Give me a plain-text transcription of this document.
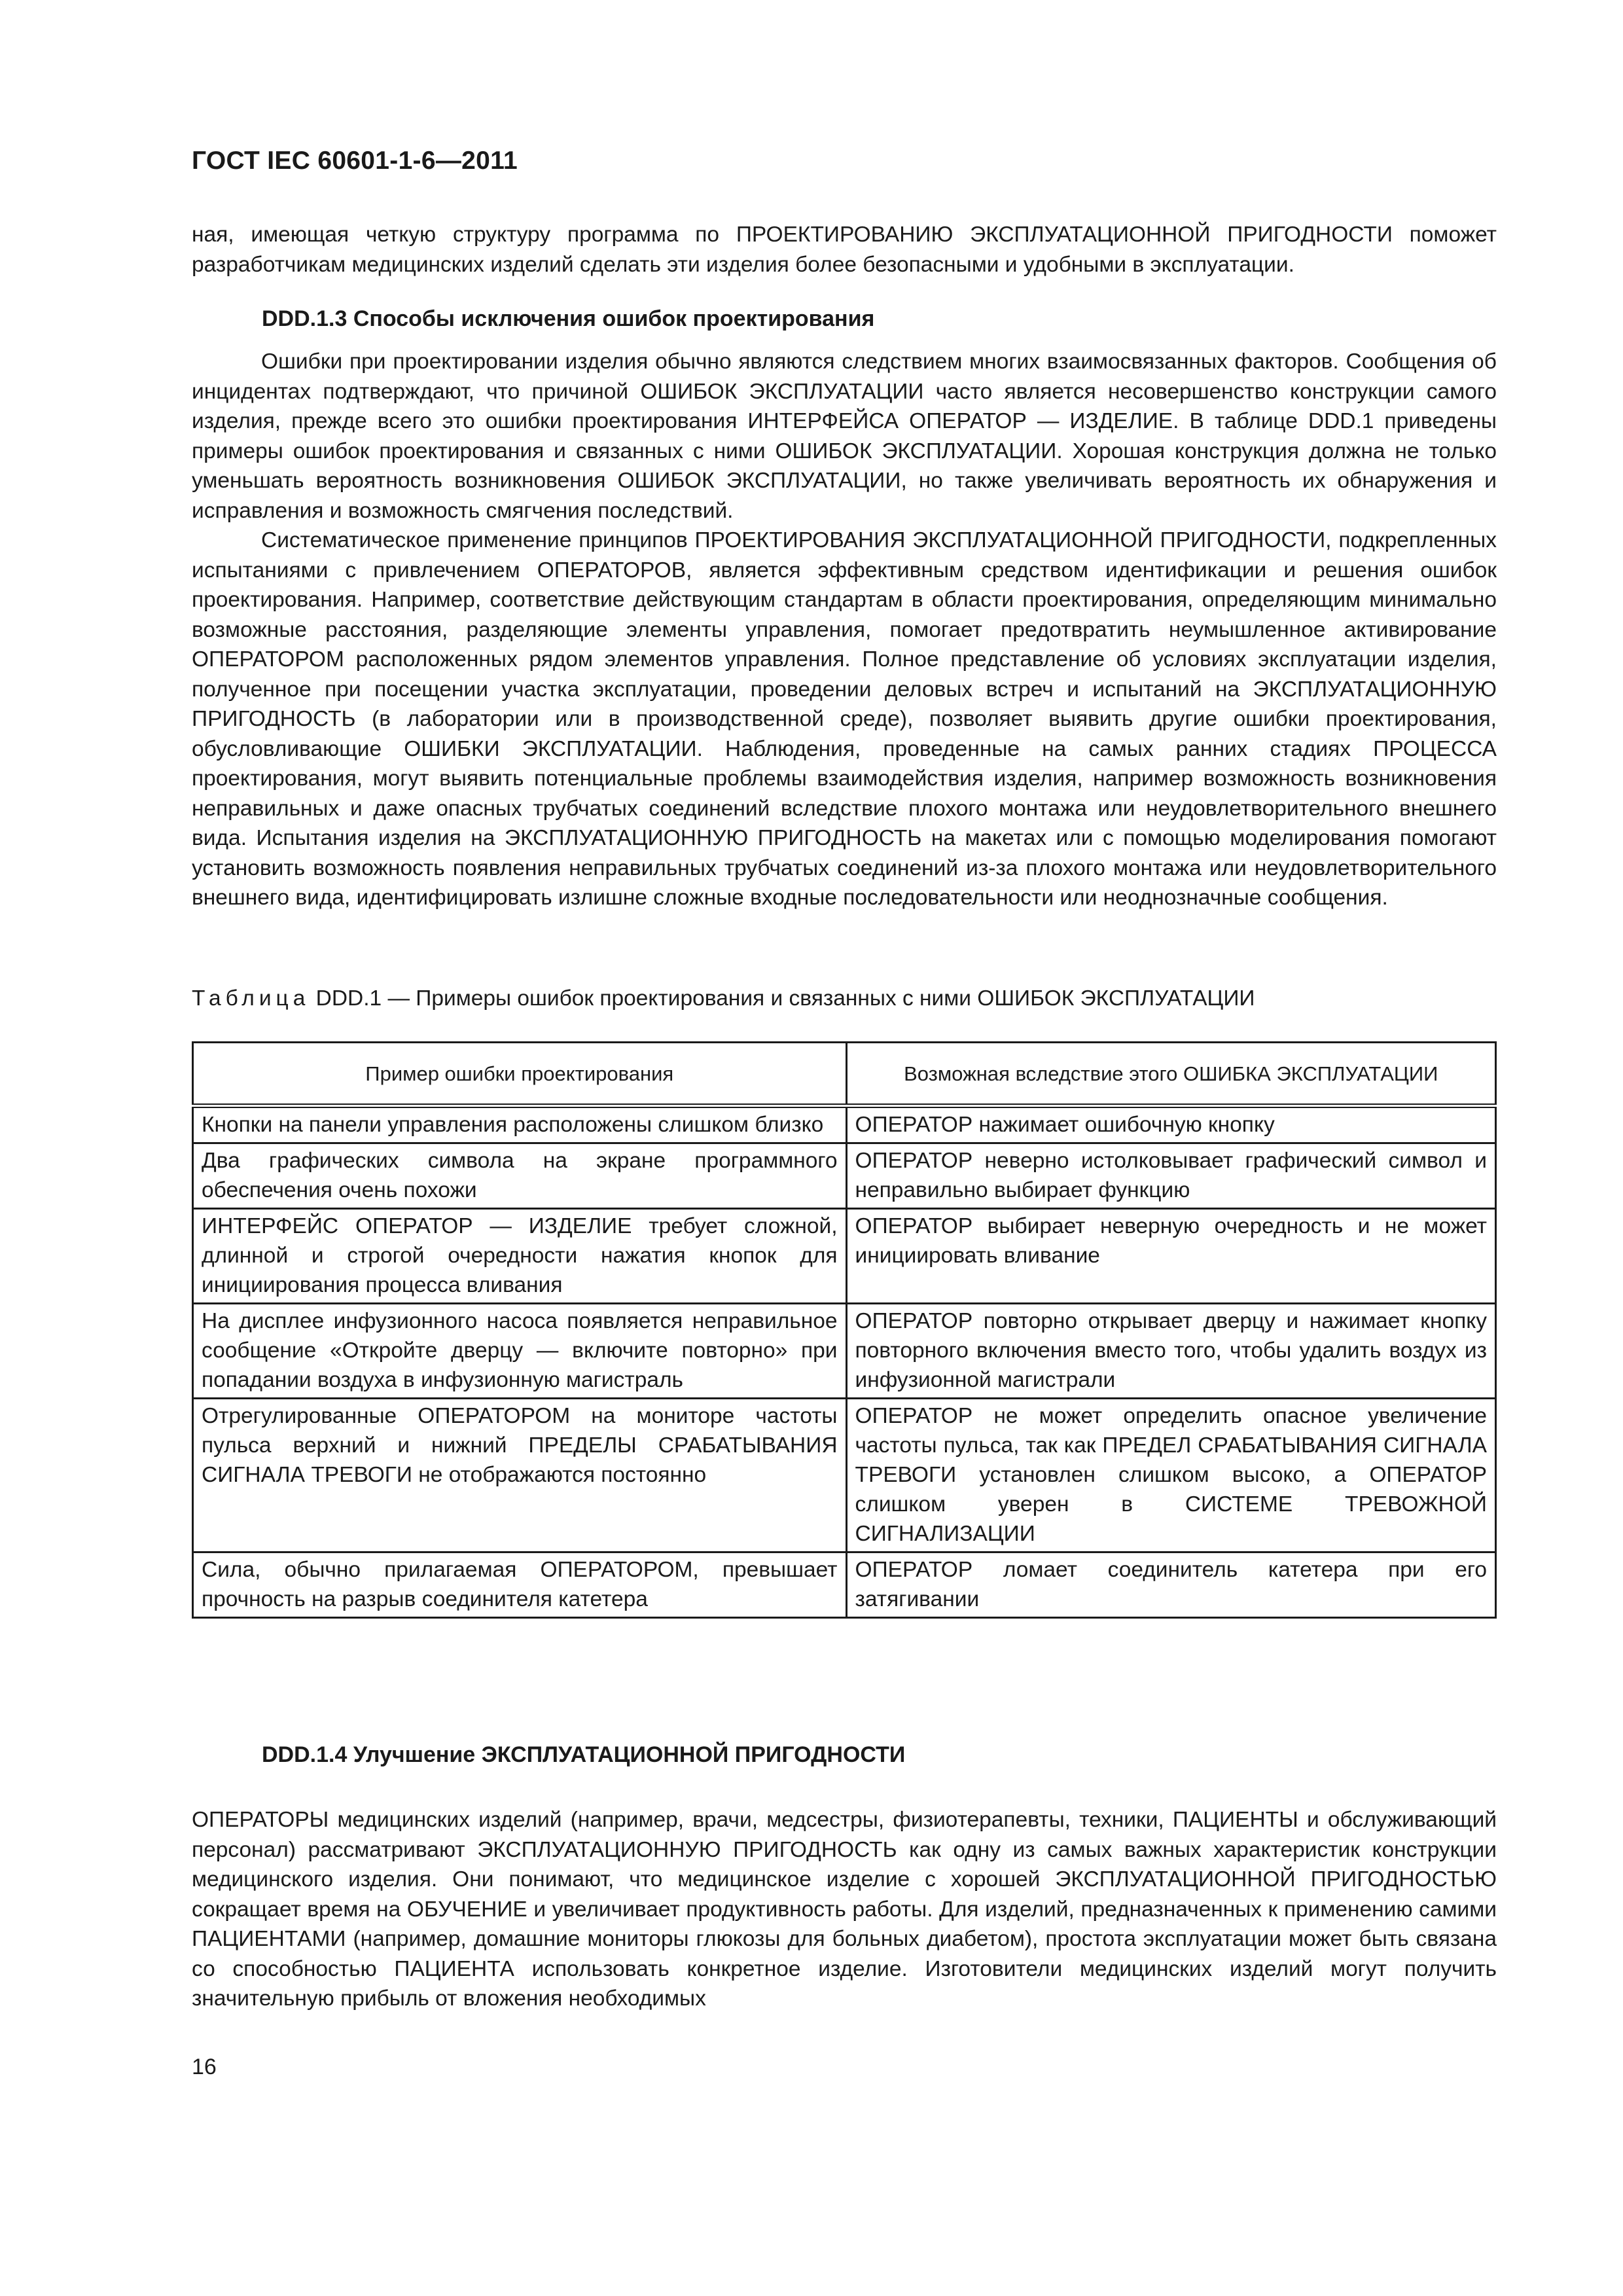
ГОСТ IEC 60601-1-6—2011

ная, имеющая четкую структуру программа по ПРОЕКТИРОВАНИЮ ЭКСПЛУАТАЦИОННОЙ ПРИГОДНОСТИ поможет разработчикам медицинских изделий сделать эти изделия более безопасными и удобными в эксплуатации.

DDD.1.3 Способы исключения ошибок проектирования

Ошибки при проектировании изделия обычно являются следствием многих взаимосвязанных факторов. Сообщения об инцидентах подтверждают, что причиной ОШИБОК ЭКСПЛУАТАЦИИ часто является несовершенство конструкции самого изделия, прежде всего это ошибки проектирования ИНТЕРФЕЙСА ОПЕРАТОР — ИЗДЕЛИЕ. В таблице DDD.1 приведены примеры ошибок проектирования и связанных с ними ОШИБОК ЭКСПЛУАТАЦИИ. Хорошая конструкция должна не только уменьшать вероятность возникновения ОШИБОК ЭКСПЛУАТАЦИИ, но также увеличивать вероятность их обнаружения и исправления и возможность смягчения последствий.

Систематическое применение принципов ПРОЕКТИРОВАНИЯ ЭКСПЛУАТАЦИОННОЙ ПРИГОДНОСТИ, подкрепленных испытаниями с привлечением ОПЕРАТОРОВ, является эффективным средством идентификации и решения ошибок проектирования. Например, соответствие действующим стандартам в области проектирования, определяющим минимально возможные расстояния, разделяющие элементы управления, помогает предотвратить неумышленное активирование ОПЕРАТОРОМ расположенных рядом элементов управления. Полное представление об условиях эксплуатации изделия, полученное при посещении участка эксплуатации, проведении деловых встреч и испытаний на ЭКСПЛУАТАЦИОННУЮ ПРИГОДНОСТЬ (в лаборатории или в производственной среде), позволяет выявить другие ошибки проектирования, обусловливающие ОШИБКИ ЭКСПЛУАТАЦИИ. Наблюдения, проведенные на самых ранних стадиях ПРОЦЕССА проектирования, могут выявить потенциальные проблемы взаимодействия изделия, например возможность возникновения неправильных и даже опасных трубчатых соединений вследствие плохого монтажа или неудовлетворительного внешнего вида. Испытания изделия на ЭКСПЛУАТАЦИОННУЮ ПРИГОДНОСТЬ на макетах или с помощью моделирования помогают установить возможность появления неправильных трубчатых соединений из-за плохого монтажа или неудовлетворительного внешнего вида, идентифицировать излишне сложные входные последовательности или неоднозначные сообщения.

Таблица DDD.1 — Примеры ошибок проектирования и связанных с ними ОШИБОК ЭКСПЛУАТАЦИИ
Пример ошибки проектирования	Возможная вследствие этого ОШИБКА ЭКСПЛУАТАЦИИ
Кнопки на панели управления расположены слишком близко	ОПЕРАТОР нажимает ошибочную кнопку
Два графических символа на экране программного обеспечения очень похожи	ОПЕРАТОР неверно истолковывает графический символ и неправильно выбирает функцию
ИНТЕРФЕЙС ОПЕРАТОР — ИЗДЕЛИЕ требует сложной, длинной и строгой очередности нажатия кнопок для инициирования процесса вливания	ОПЕРАТОР выбирает неверную очередность и не может инициировать вливание
На дисплее инфузионного насоса появляется неправильное сообщение «Откройте дверцу — включите повторно» при попадании воздуха в инфузионную магистраль	ОПЕРАТОР повторно открывает дверцу и нажимает кнопку повторного включения вместо того, чтобы удалить воздух из инфузионной магистрали
Отрегулированные ОПЕРАТОРОМ на мониторе частоты пульса верхний и нижний ПРЕДЕЛЫ СРАБАТЫВАНИЯ СИГНАЛА ТРЕВОГИ не отображаются постоянно	ОПЕРАТОР не может определить опасное увеличение частоты пульса, так как ПРЕДЕЛ СРАБАТЫВАНИЯ СИГНАЛА ТРЕВОГИ установлен слишком высоко, а ОПЕРАТОР слишком уверен в СИСТЕМЕ ТРЕВОЖНОЙ СИГНАЛИЗАЦИИ
Сила, обычно прилагаемая ОПЕРАТОРОМ, превышает прочность на разрыв соединителя катетера	ОПЕРАТОР ломает соединитель катетера при его затягивании
DDD.1.4 Улучшение ЭКСПЛУАТАЦИОННОЙ ПРИГОДНОСТИ

ОПЕРАТОРЫ медицинских изделий (например, врачи, медсестры, физиотерапевты, техники, ПАЦИЕНТЫ и обслуживающий персонал) рассматривают ЭКСПЛУАТАЦИОННУЮ ПРИГОДНОСТЬ как одну из самых важных характеристик конструкции медицинского изделия. Они понимают, что медицинское изделие с хорошей ЭКСПЛУАТАЦИОННОЙ ПРИГОДНОСТЬЮ сокращает время на ОБУЧЕНИЕ и увеличивает продуктивность работы. Для изделий, предназначенных к применению самими ПАЦИЕНТАМИ (например, домашние мониторы глюкозы для больных диабетом), простота эксплуатации может быть связана со способностью ПАЦИЕНТА использовать конкретное изделие. Изготовители медицинских изделий могут получить значительную прибыль от вложения необходимых

16
